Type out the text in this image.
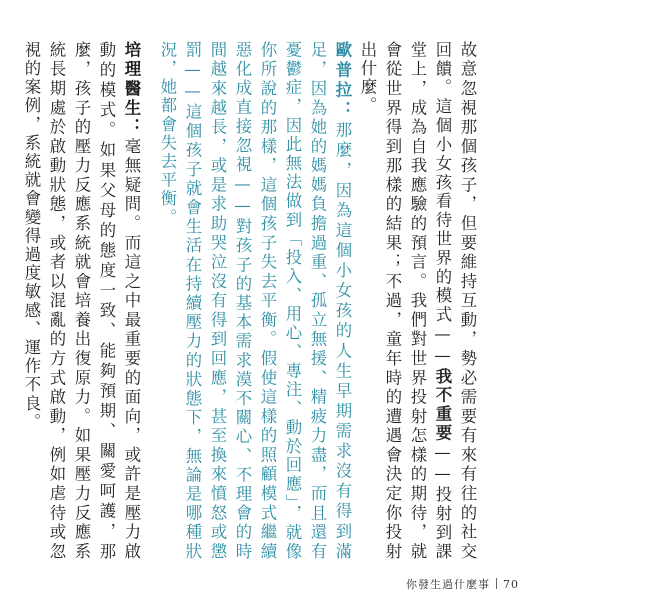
故意忽視那個孩子，但要維持互動，勢必需要有來有往的社交回饋。這個小女孩看待世界的模式——我不重要——投射到課堂上，成為自我應驗的預言。我們對世界投射怎樣的期待，就會從世界得到那樣的結果；不過，童年時的遭遇會決定你投射出什麼。

歐普拉：那麼，因為這個小女孩的人生早期需求沒有得到滿足，因為她的媽媽負擔過重、孤立無援、精疲力盡，而且還有憂鬱症，因此無法做到「投入、用心、專注、動於回應」，就像你所說的那樣，這個孩子失去平衡。假使這樣的照顧模式繼續惡化成直接忽視——對孩子的基本需求漠不關心、不理會的時間越來越長，或是求助哭泣沒有得到回應，甚至換來憤怒或懲罰——這個孩子就會生活在持續壓力的狀態下，無論是哪種狀況，她都會失去平衡。

培理醫生：毫無疑問。而這之中最重要的面向，或許是壓力啟動的模式。如果父母的態度一致、能夠預期、關愛呵護，那麼，孩子的壓力反應系統就會培養出復原力。如果壓力反應系統長期處於啟動狀態，或者以混亂的方式啟動，例如虐待或忽視的案例，系統就會變得過度敏感、運作不良。

你發生過什麼事 70
